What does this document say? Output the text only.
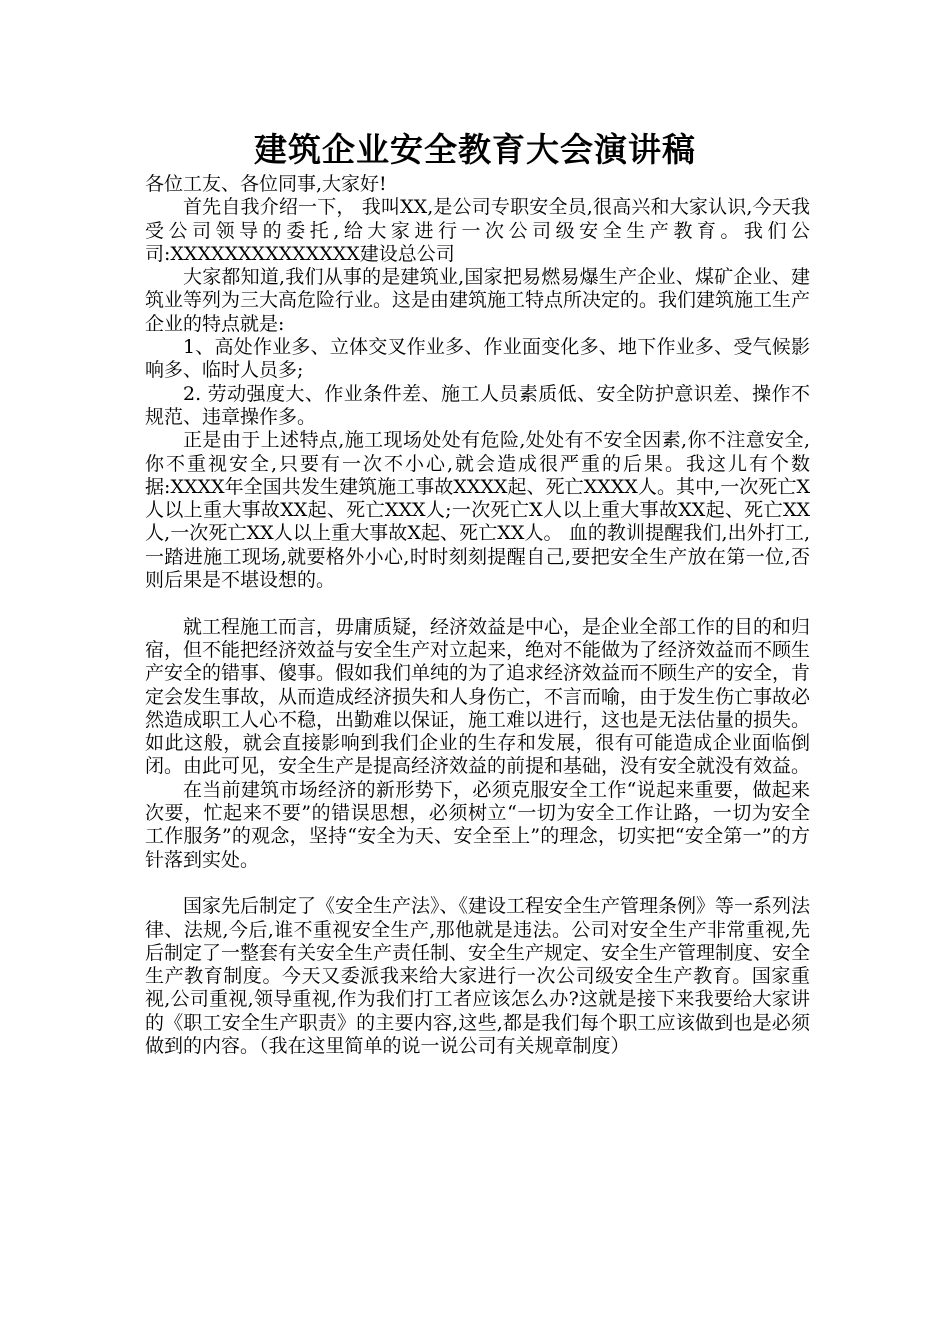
建筑企业安全教育大会演讲稿

各位工友、各位同事,大家好!

首先自我介绍一下， 我叫XX,是公司专职安全员,很高兴和大家认识,今天我受公司领导的委托,给大家进行一次公司级安全生产教育。我们公司:XXXXXXXXXXXXXX建设总公司

大家都知道,我们从事的是建筑业,国家把易燃易爆生产企业、煤矿企业、建筑业等列为三大高危险行业。这是由建筑施工特点所决定的。我们建筑施工生产企业的特点就是:

1、高处作业多、立体交叉作业多、作业面变化多、地下作业多、受气候影响多、临时人员多;

2. 劳动强度大、作业条件差、施工人员素质低、安全防护意识差、操作不规范、违章操作多。

正是由于上述特点,施工现场处处有危险,处处有不安全因素,你不注意安全,你不重视安全,只要有一次不小心,就会造成很严重的后果。我这儿有个数据:XXXX年全国共发生建筑施工事故XXXX起、死亡XXXX人。其中,一次死亡X人以上重大事故XX起、死亡XXX人;一次死亡X人以上重大事故XX起、死亡XX人,一次死亡XX人以上重大事故X起、死亡XX人。 血的教训提醒我们,出外打工,一踏进施工现场,就要格外小心,时时刻刻提醒自己,要把安全生产放在第一位,否则后果是不堪设想的。

就工程施工而言，毋庸质疑，经济效益是中心，是企业全部工作的目的和归宿，但不能把经济效益与安全生产对立起来，绝对不能做为了经济效益而不顾生产安全的错事、傻事。假如我们单纯的为了追求经济效益而不顾生产的安全，肯定会发生事故，从而造成经济损失和人身伤亡，不言而喻，由于发生伤亡事故必然造成职工人心不稳，出勤难以保证，施工难以进行，这也是无法估量的损失。如此这般，就会直接影响到我们企业的生存和发展，很有可能造成企业面临倒闭。由此可见，安全生产是提高经济效益的前提和基础，没有安全就没有效益。

在当前建筑市场经济的新形势下，必须克服安全工作“说起来重要，做起来次要，忙起来不要”的错误思想，必须树立“一切为安全工作让路，一切为安全工作服务”的观念，坚持“安全为天、安全至上”的理念，切实把“安全第一”的方针落到实处。

国家先后制定了《安全生产法》、《建设工程安全生产管理条例》等一系列法律、法规,今后,谁不重视安全生产,那他就是违法。公司对安全生产非常重视,先后制定了一整套有关安全生产责任制、安全生产规定、安全生产管理制度、安全生产教育制度。今天又委派我来给大家进行一次公司级安全生产教育。国家重视,公司重视,领导重视,作为我们打工者应该怎么办?这就是接下来我要给大家讲的《职工安全生产职责》的主要内容,这些,都是我们每个职工应该做到也是必须做到的内容。（我在这里简单的说一说公司有关规章制度）
